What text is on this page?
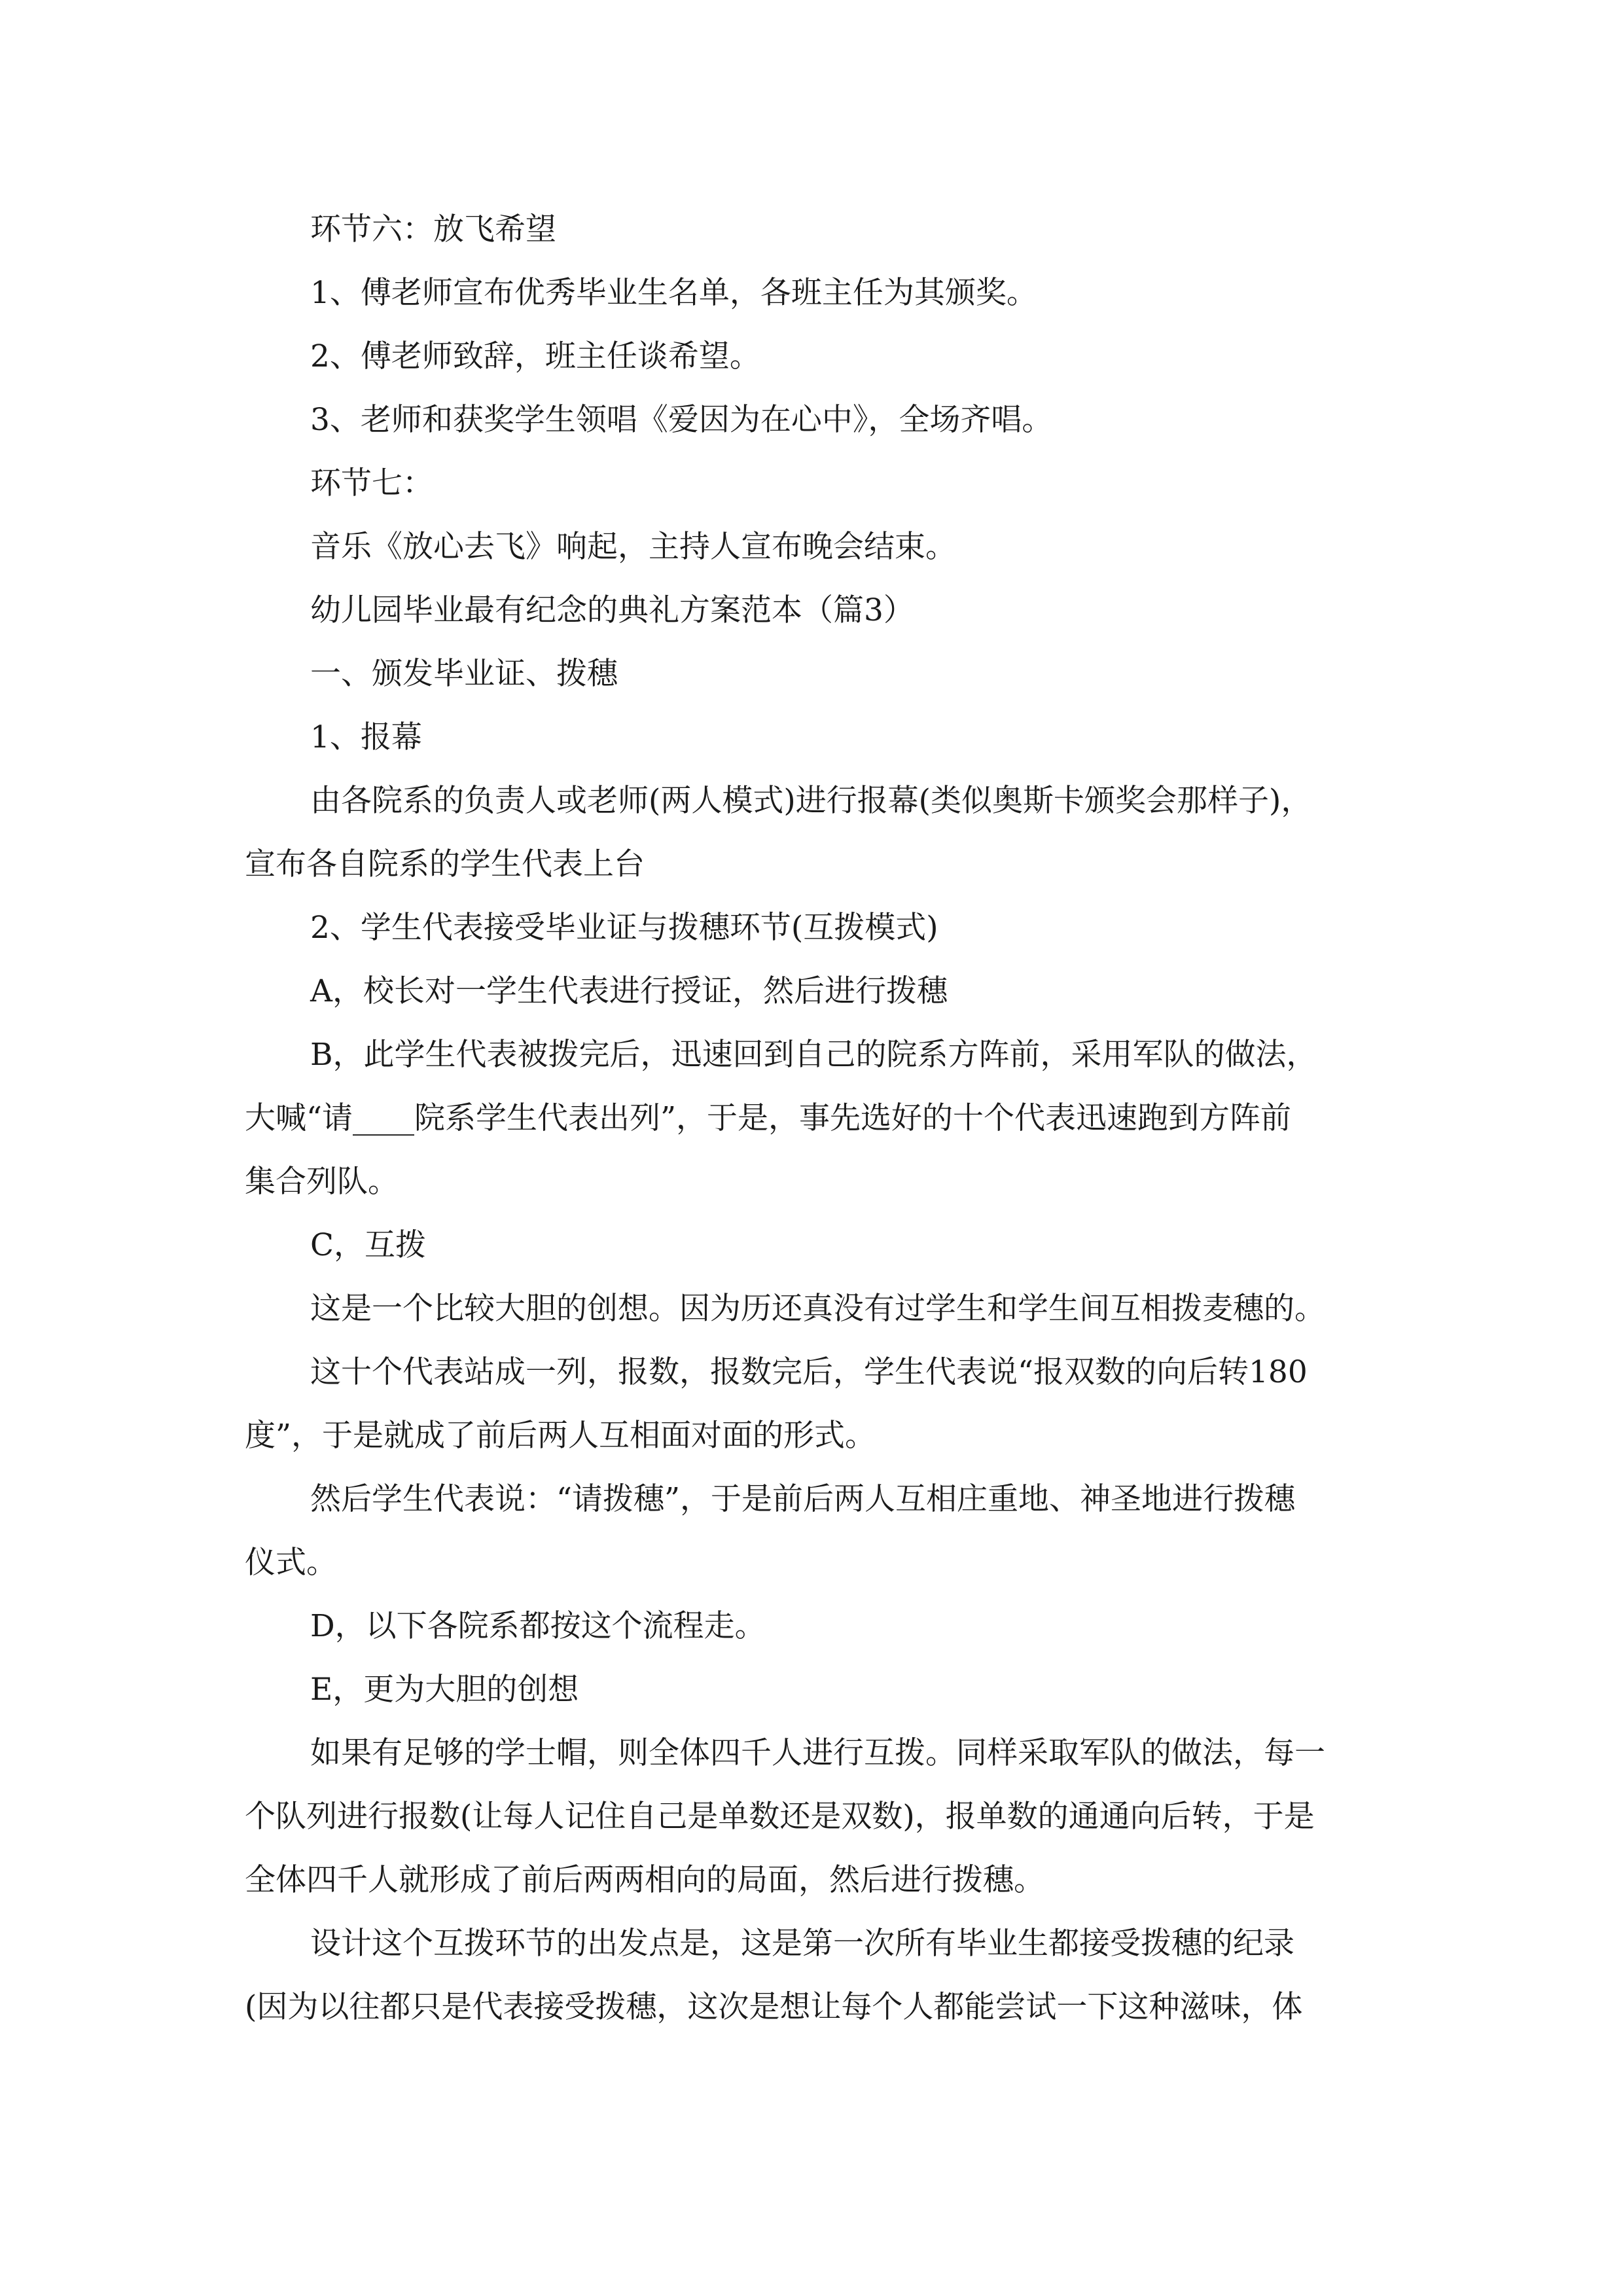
环节六：放飞希望

1、傅老师宣布优秀毕业生名单，各班主任为其颁奖。

2、傅老师致辞，班主任谈希望。

3、老师和获奖学生领唱《爱因为在心中》，全场齐唱。

环节七：

音乐《放心去飞》响起，主持人宣布晚会结束。

幼儿园毕业最有纪念的典礼方案范本（篇3）

一、颁发毕业证、拨穗

1、报幕

由各院系的负责人或老师(两人模式)进行报幕(类似奥斯卡颁奖会那样子)，

宣布各自院系的学生代表上台

2、学生代表接受毕业证与拨穗环节(互拨模式)

A，校长对一学生代表进行授证，然后进行拨穗

B，此学生代表被拨完后，迅速回到自己的院系方阵前，采用军队的做法，

大喊“请____院系学生代表出列”，于是，事先选好的十个代表迅速跑到方阵前

集合列队。

C，互拨

这是一个比较大胆的创想。因为历还真没有过学生和学生间互相拨麦穗的。

这十个代表站成一列，报数，报数完后，学生代表说“报双数的向后转180

度”，于是就成了前后两人互相面对面的形式。

然后学生代表说：“请拨穗”，于是前后两人互相庄重地、神圣地进行拨穗

仪式。

D，以下各院系都按这个流程走。

E，更为大胆的创想

如果有足够的学士帽，则全体四千人进行互拨。同样采取军队的做法，每一

个队列进行报数(让每人记住自己是单数还是双数)，报单数的通通向后转，于是

全体四千人就形成了前后两两相向的局面，然后进行拨穗。

设计这个互拨环节的出发点是，这是第一次所有毕业生都接受拨穗的纪录

(因为以往都只是代表接受拨穗，这次是想让每个人都能尝试一下这种滋味，体
